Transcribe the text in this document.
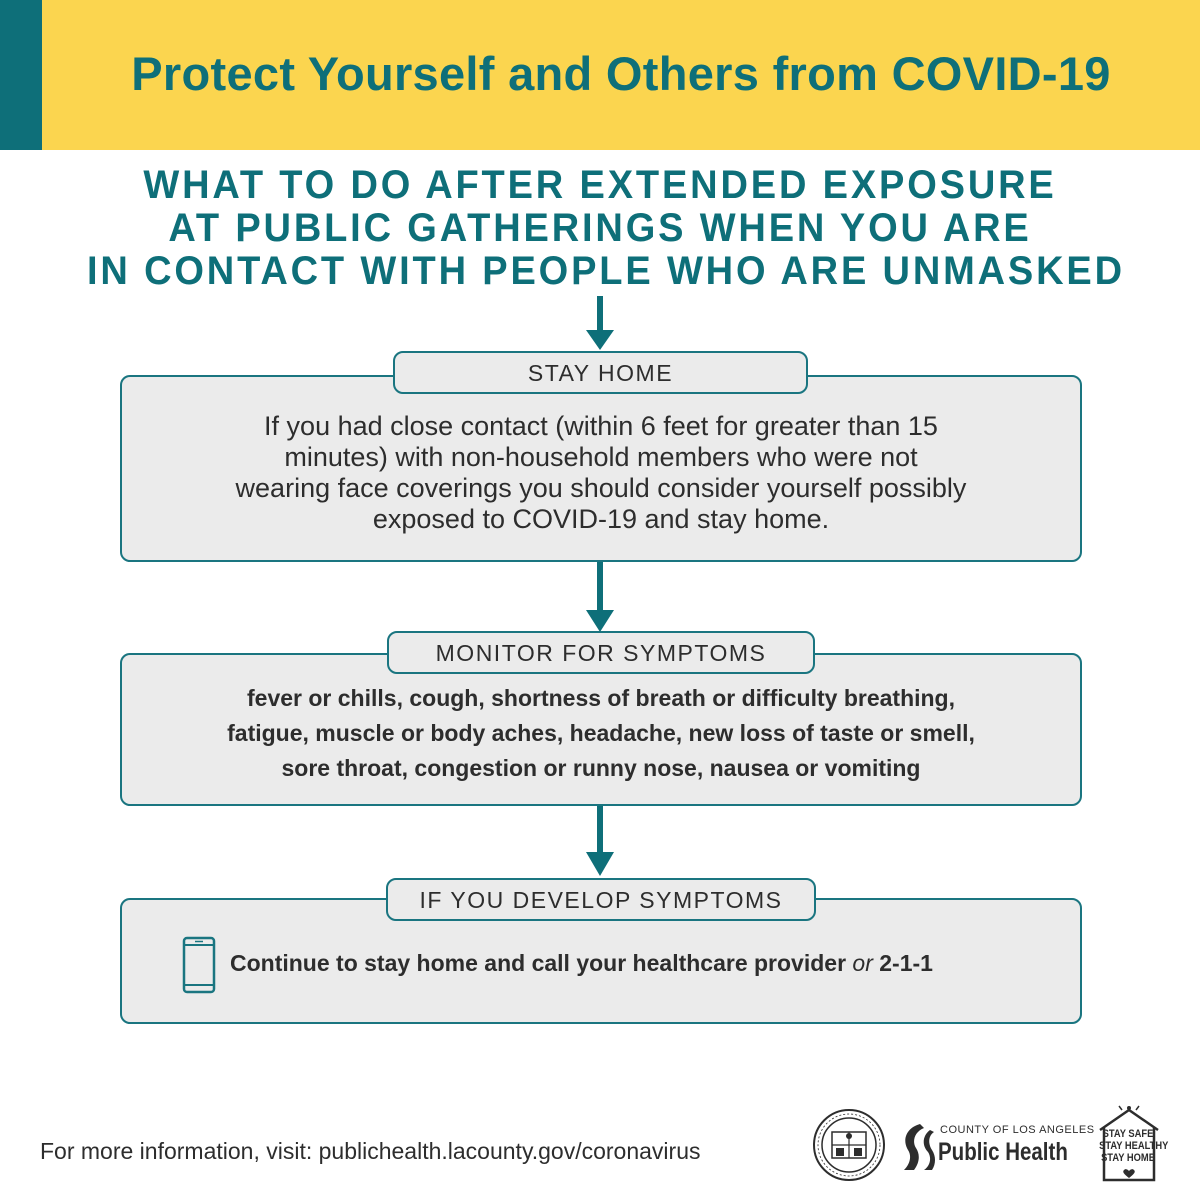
Protect Yourself and Others from COVID-19
WHAT TO DO AFTER EXTENDED EXPOSURE
AT PUBLIC GATHERINGS WHEN YOU ARE
IN CONTACT WITH PEOPLE WHO ARE UNMASKED
STAY HOME
If you had close contact (within 6 feet for greater than 15
minutes) with non-household members who were not
wearing face coverings you should consider yourself possibly
exposed to COVID-19 and stay home.
MONITOR FOR SYMPTOMS
fever or chills, cough, shortness of breath or difficulty breathing,
fatigue, muscle or body aches, headache, new loss of taste or smell,
sore throat, congestion or runny nose, nausea or vomiting
IF YOU DEVELOP SYMPTOMS
Continue to stay home and call your healthcare provider or 2-1-1
For more information, visit: publichealth.lacounty.gov/coronavirus
COUNTY OF LOS ANGELES
Public Health
STAY SAFE
STAY HEALTHY
STAY HOME
